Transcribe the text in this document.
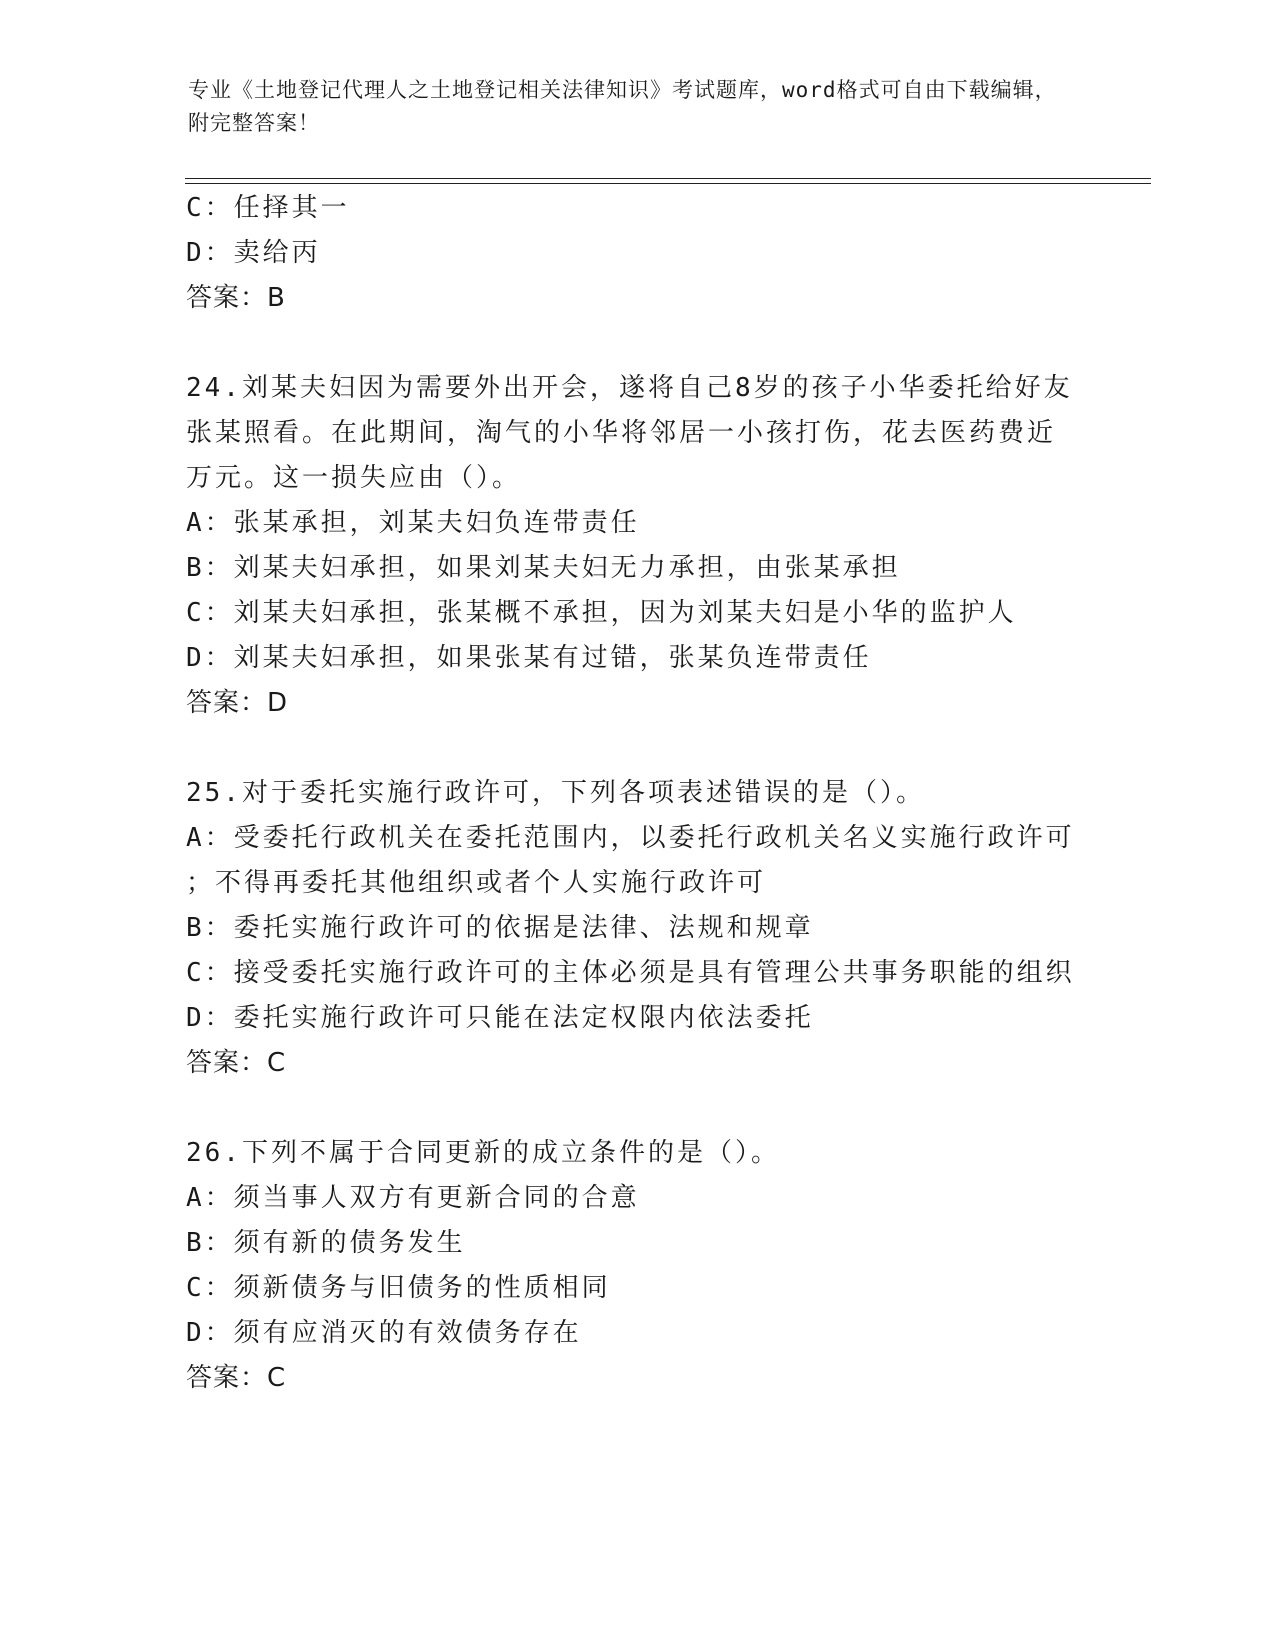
专业《土地登记代理人之土地登记相关法律知识》考试题库，word格式可自由下载编辑，附完整答案！

C：任择其一

D：卖给丙

答案：B

24.刘某夫妇因为需要外出开会，遂将自己8岁的孩子小华委托给好友

张某照看。在此期间，淘气的小华将邻居一小孩打伤，花去医药费近

万元。这一损失应由（）。

A：张某承担，刘某夫妇负连带责任

B：刘某夫妇承担，如果刘某夫妇无力承担，由张某承担

C：刘某夫妇承担，张某概不承担，因为刘某夫妇是小华的监护人

D：刘某夫妇承担，如果张某有过错，张某负连带责任

答案：D

25.对于委托实施行政许可，下列各项表述错误的是（）。

A：受委托行政机关在委托范围内，以委托行政机关名义实施行政许可

；不得再委托其他组织或者个人实施行政许可

B：委托实施行政许可的依据是法律、法规和规章

C：接受委托实施行政许可的主体必须是具有管理公共事务职能的组织

D：委托实施行政许可只能在法定权限内依法委托

答案：C

26.下列不属于合同更新的成立条件的是（）。

A：须当事人双方有更新合同的合意

B：须有新的债务发生

C：须新债务与旧债务的性质相同

D：须有应消灭的有效债务存在

答案：C
